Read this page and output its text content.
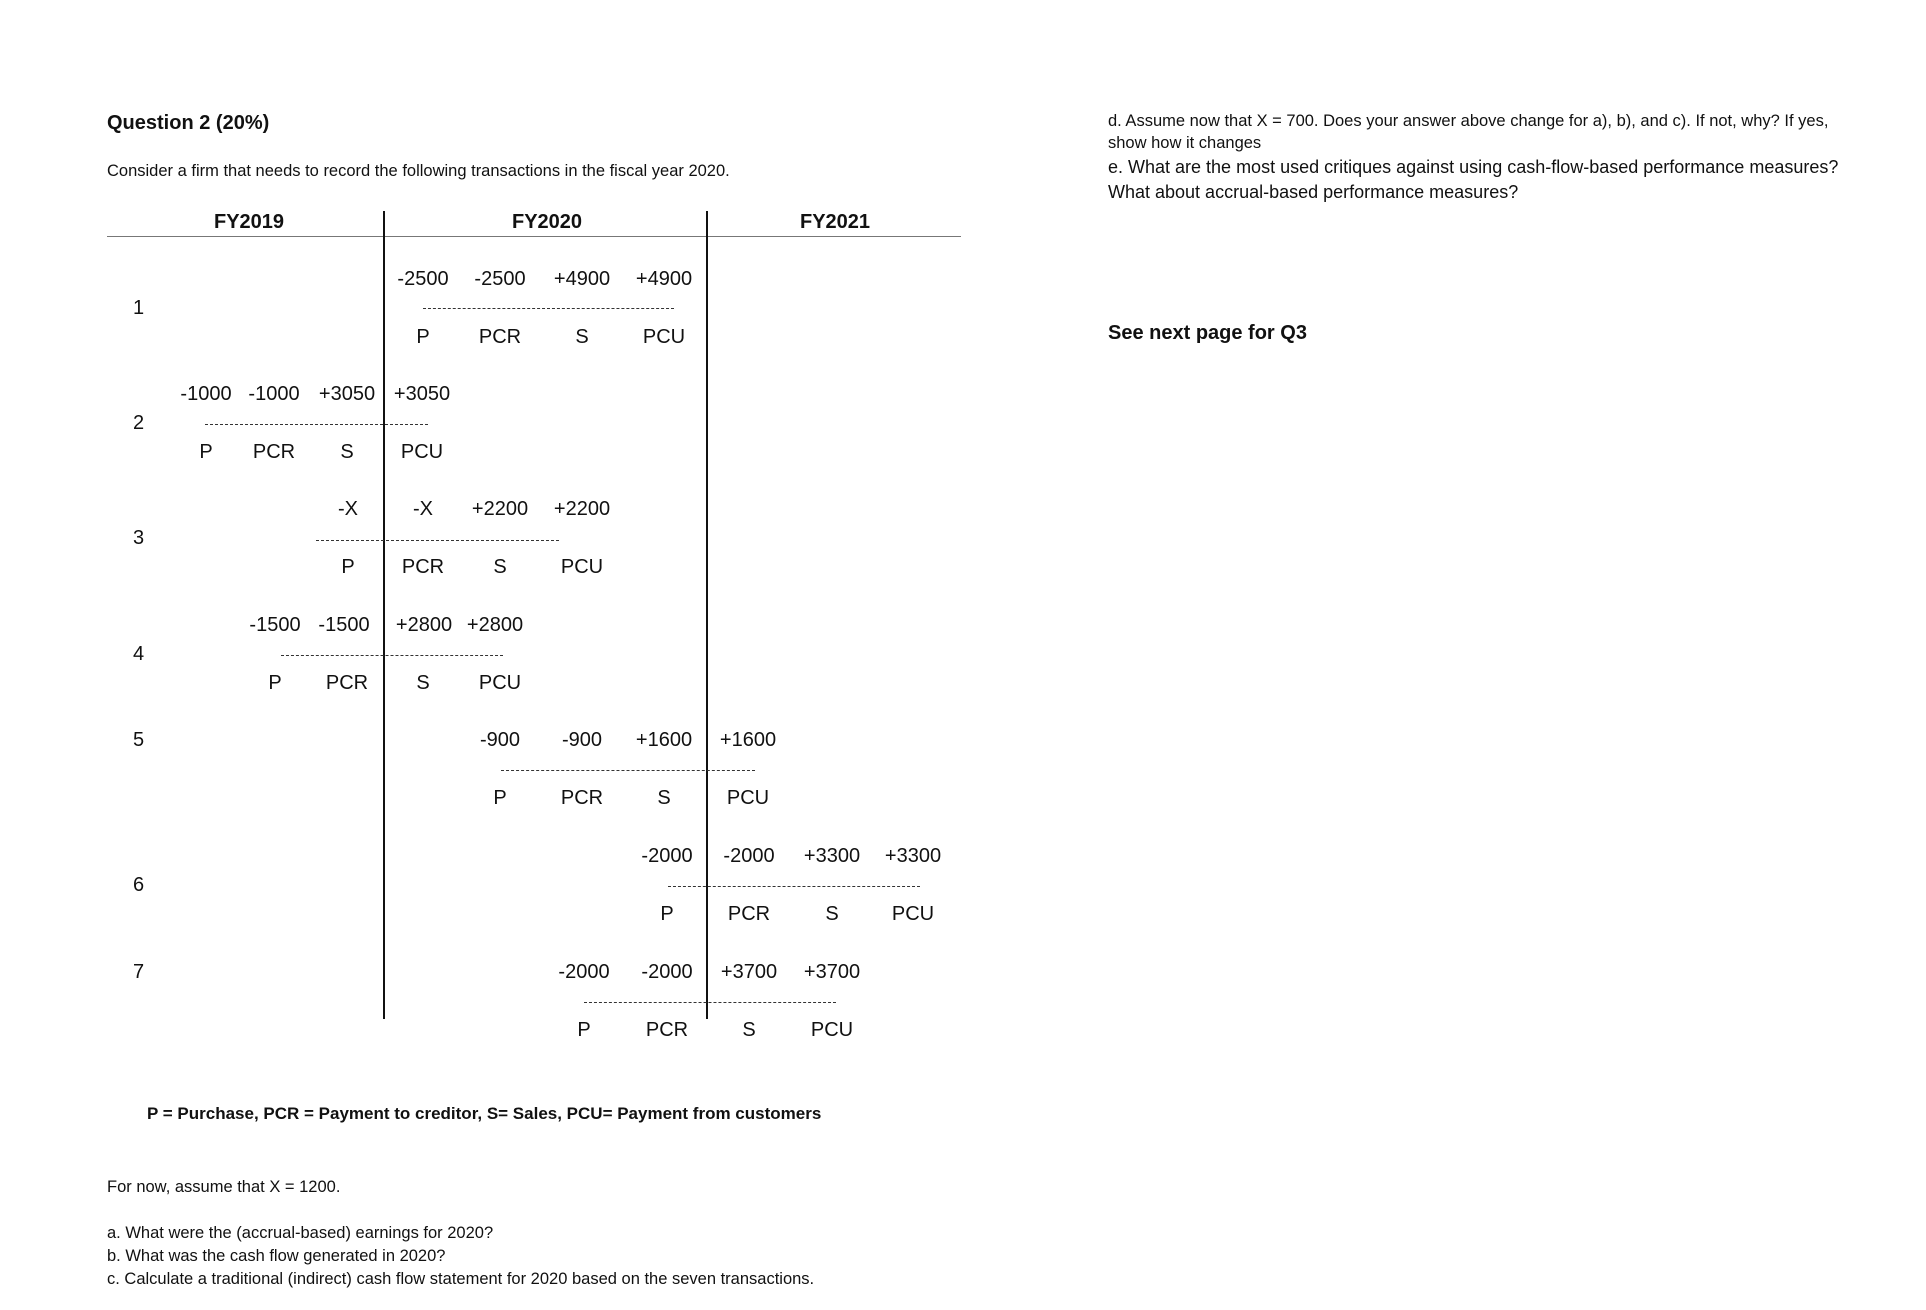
Question 2 (20%)
Consider a firm that needs to record the following transactions in the fiscal year 2020.
FY2019	FY2020	FY2021
1
-2500 -2500 +4900 +4900
P PCR	S	PCU
2
-1000 -1000 +3050 +3050
P PCR S PCU
3
-X	-X +2200 +2200
P PCR S	PCU
4
-1500 -1500 +2800 +2800
P PCR S PCU
5	-900 -900 +1600 +1600
P	PCR	S	PCU
6
-2000 -2000 +3300 +3300
P	PCR	S	PCU
7	-2000 -2000 +3700 +3700
P	PCR	S	PCU
P = Purchase, PCR = Payment to creditor, S= Sales, PCU= Payment from customers
For now, assume that X = 1200.
a. What were the (accrual-based) earnings for 2020?
b. What was the cash flow generated in 2020?
c. Calculate a traditional (indirect) cash flow statement for 2020 based on the seven transactions.
d. Assume now that X = 700. Does your answer above change for a), b), and c). If not, why? If yes,
show how it changes
e. What are the most used critiques against using cash-flow-based performance measures?
What about accrual-based performance measures?
See next page for Q3
